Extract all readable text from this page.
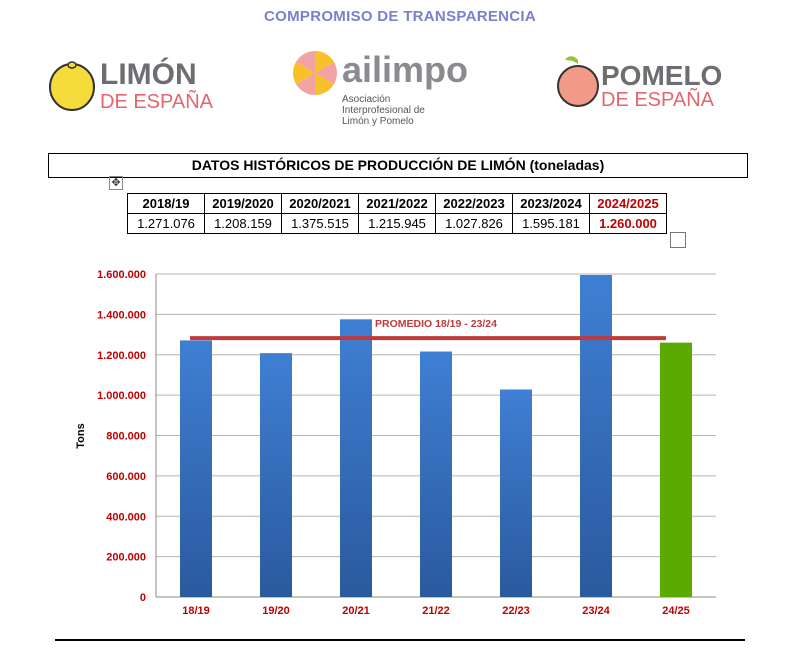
COMPROMISO DE TRANSPARENCIA
LIMÓN
DE ESPAÑA
ailimpo
Asociación
Interprofesional de
Limón y Pomelo
POMELO
DE ESPAÑA
DATOS HISTÓRICOS DE PRODUCCIÓN DE LIMÓN (toneladas)
✥
2018/19	2019/2020	2020/2021	2021/2022	2022/2023	2023/2024	2024/2025
1.271.076	1.208.159	1.375.515	1.215.945	1.027.826	1.595.181	1.260.000
Tons
0
200.000
400.000
600.000
800.000
1.000.000
1.200.000
1.400.000
1.600.000
18/19	19/20	20/21	21/22	22/23	23/24	24/25
PROMEDIO 18/19 - 23/24
